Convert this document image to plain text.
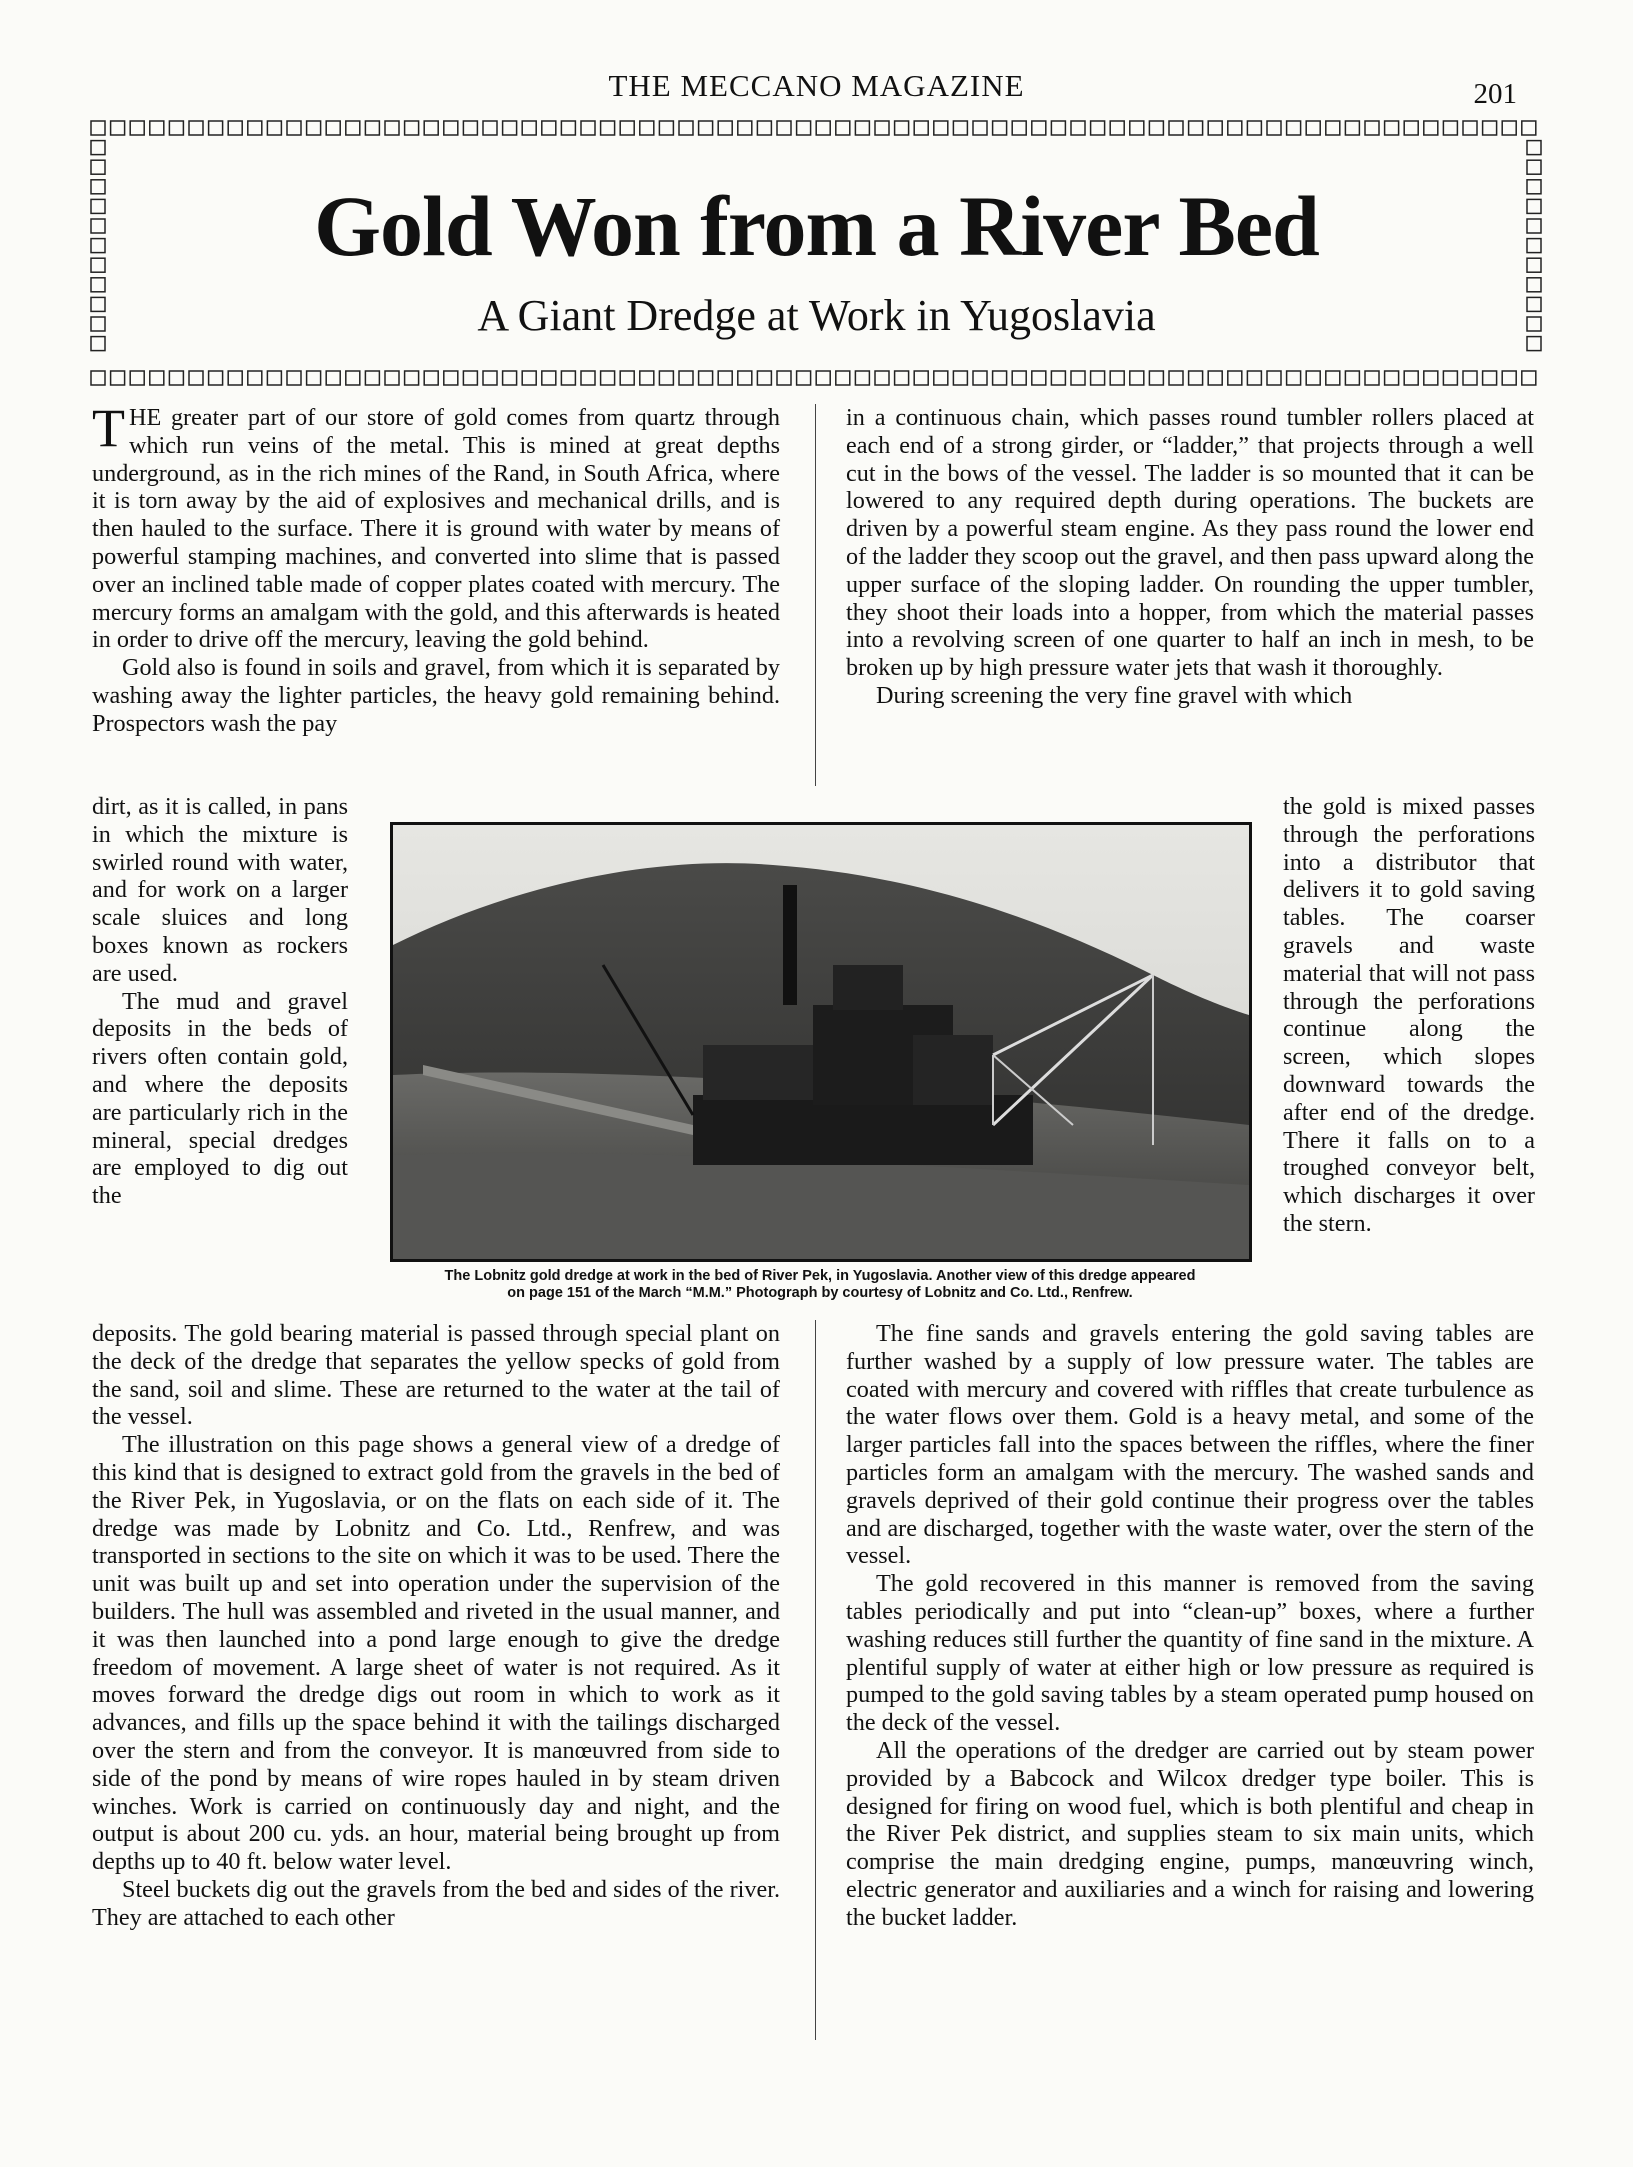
THE MECCANO MAGAZINE	201
Gold Won from a River Bed
A Giant Dredge at Work in Yugoslavia

THE greater part of our store of gold comes from quartz through which run veins of the metal. This is mined at great depths underground, as in the rich mines of the Rand, in South Africa, where it is torn away by the aid of explosives and mechanical drills, and is then hauled to the surface. There it is ground with water by means of powerful stamping machines, and converted into slime that is passed over an inclined table made of copper plates coated with mercury. The mercury forms an amalgam with the gold, and this afterwards is heated in order to drive off the mercury, leaving the gold behind.

Gold also is found in soils and gravel, from which it is separated by washing away the lighter particles, the heavy gold remaining behind. Prospectors wash the pay

dirt, as it is called, in pans in which the mixture is swirled round with water, and for work on a larger scale sluices and long boxes known as rockers are used.

The mud and gravel deposits in the beds of rivers often contain gold, and where the deposits are particularly rich in the mineral, special dredges are employed to dig out the

deposits. The gold bearing material is passed through special plant on the deck of the dredge that separates the yellow specks of gold from the sand, soil and slime. These are returned to the water at the tail of the vessel.

The illustration on this page shows a general view of a dredge of this kind that is designed to extract gold from the gravels in the bed of the River Pek, in Yugoslavia, or on the flats on each side of it. The dredge was made by Lobnitz and Co. Ltd., Renfrew, and was transported in sections to the site on which it was to be used. There the unit was built up and set into operation under the supervision of the builders. The hull was assembled and riveted in the usual manner, and it was then launched into a pond large enough to give the dredge freedom of movement. A large sheet of water is not required. As it moves forward the dredge digs out room in which to work as it advances, and fills up the space behind it with the tailings discharged over the stern and from the conveyor. It is manœuvred from side to side of the pond by means of wire ropes hauled in by steam driven winches. Work is carried on continuously day and night, and the output is about 200 cu. yds. an hour, material being brought up from depths up to 40 ft. below water level.

Steel buckets dig out the gravels from the bed and sides of the river. They are attached to each other

in a continuous chain, which passes round tumbler rollers placed at each end of a strong girder, or “ladder,” that projects through a well cut in the bows of the vessel. The ladder is so mounted that it can be lowered to any required depth during operations. The buckets are driven by a powerful steam engine. As they pass round the lower end of the ladder they scoop out the gravel, and then pass upward along the upper surface of the sloping ladder. On rounding the upper tumbler, they shoot their loads into a hopper, from which the material passes into a revolving screen of one quarter to half an inch in mesh, to be broken up by high pressure water jets that wash it thoroughly.

During screening the very fine gravel with which

the gold is mixed passes through the perforations into a distributor that delivers it to gold saving tables. The coarser gravels and waste material that will not pass through the perforations continue along the screen, which slopes downward towards the after end of the dredge. There it falls on to a troughed conveyor belt, which discharges it over the stern.

The fine sands and gravels entering the gold saving tables are further washed by a supply of low pressure water. The tables are coated with mercury and covered with riffles that create turbulence as the water flows over them. Gold is a heavy metal, and some of the larger particles fall into the spaces between the riffles, where the finer particles form an amalgam with the mercury. The washed sands and gravels deprived of their gold continue their progress over the tables and are discharged, together with the waste water, over the stern of the vessel.

The gold recovered in this manner is removed from the saving tables periodically and put into “clean-up” boxes, where a further washing reduces still further the quantity of fine sand in the mixture. A plentiful supply of water at either high or low pressure as required is pumped to the gold saving tables by a steam operated pump housed on the deck of the vessel.

All the operations of the dredger are carried out by steam power provided by a Babcock and Wilcox dredger type boiler. This is designed for firing on wood fuel, which is both plentiful and cheap in the River Pek district, and supplies steam to six main units, which comprise the main dredging engine, pumps, manœuvring winch, electric generator and auxiliaries and a winch for raising and lowering the bucket ladder.

The Lobnitz gold dredge at work in the bed of River Pek, in Yugoslavia. Another view of this dredge appeared
on page 151 of the March “M.M.” Photograph by courtesy of Lobnitz and Co. Ltd., Renfrew.
